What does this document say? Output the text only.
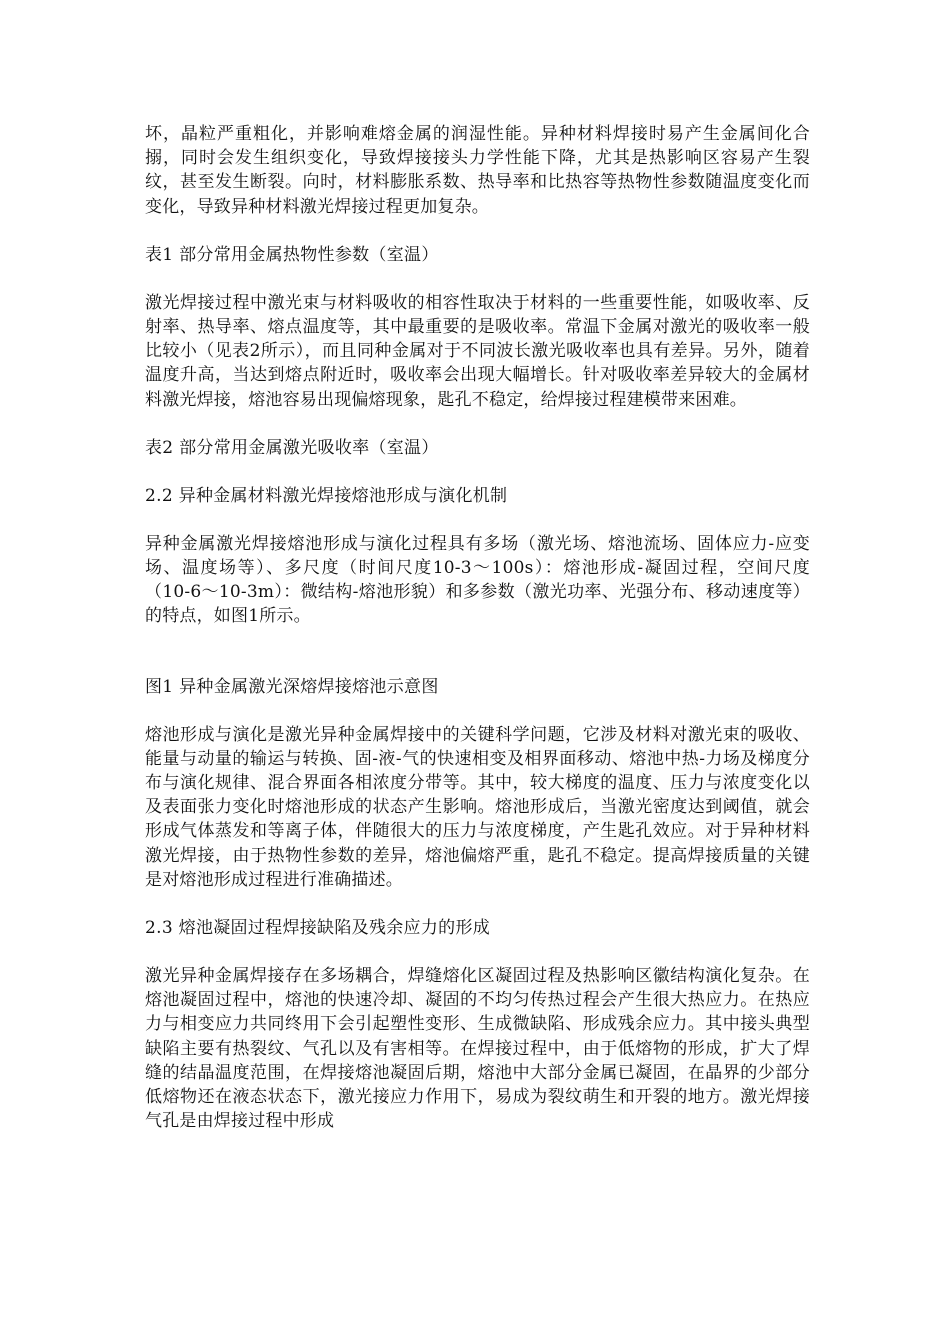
坏，晶粒严重粗化，并影响难熔金属的润湿性能。异种材料焊接时易产生金属间化合搦，同时会发生组织变化，导致焊接接头力学性能下降，尤其是热影响区容易产生裂纹，甚至发生断裂。向时，材料膨胀系数、热导率和比热容等热物性参数随温度变化而变化，导致异种材料激光焊接过程更加复杂。

表1 部分常用金属热物性参数（室温）

激光焊接过程中激光束与材料吸收的相容性取决于材料的一些重要性能，如吸收率、反射率、热导率、熔点温度等，其中最重要的是吸收率。常温下金属对激光的吸收率一般比较小（见表2所示），而且同种金属对于不同波长激光吸收率也具有差异。另外，随着温度升高，当达到熔点附近时，吸收率会出现大幅增长。针对吸收率差异较大的金属材料激光焊接，熔池容易出现偏熔现象，匙孔不稳定，给焊接过程建模带来困难。

表2 部分常用金属激光吸收率（室温）

2.2 异种金属材料激光焊接熔池形成与演化机制

异种金属激光焊接熔池形成与演化过程具有多场（激光场、熔池流场、固体应力-应变场、温度场等）、多尺度（时间尺度10-3～100s）：熔池形成-凝固过程，空间尺度（10-6～10-3m）：微结构-熔池形貌）和多参数（激光功率、光强分布、移动速度等）的特点，如图1所示。

图1 异种金属激光深熔焊接熔池示意图

熔池形成与演化是激光异种金属焊接中的关键科学问题，它涉及材料对激光束的吸收、能量与动量的输运与转换、固-液-气的快速相变及相界面移动、熔池中热-力场及梯度分布与演化规律、混合界面各相浓度分带等。其中，较大梯度的温度、压力与浓度变化以及表面张力变化时熔池形成的状态产生影响。熔池形成后，当激光密度达到阈值，就会形成气体蒸发和等离子体，伴随很大的压力与浓度梯度，产生匙孔效应。对于异种材料激光焊接，由于热物性参数的差异，熔池偏熔严重，匙孔不稳定。提高焊接质量的关键是对熔池形成过程进行准确描述。

2.3 熔池凝固过程焊接缺陷及残余应力的形成

激光异种金属焊接存在多场耦合，焊缝熔化区凝固过程及热影响区徽结构演化复杂。在熔池凝固过程中，熔池的快速冷却、凝固的不均匀传热过程会产生很大热应力。在热应力与相变应力共同终用下会引起塑性变形、生成微缺陷、形成残余应力。其中接头典型缺陷主要有热裂纹、气孔以及有害相等。在焊接过程中，由于低熔物的形成，扩大了焊缝的结晶温度范围，在焊接熔池凝固后期，熔池中大部分金属已凝固，在晶界的少部分低熔物还在液态状态下，激光接应力作用下，易成为裂纹萌生和开裂的地方。激光焊接气孔是由焊接过程中形成
